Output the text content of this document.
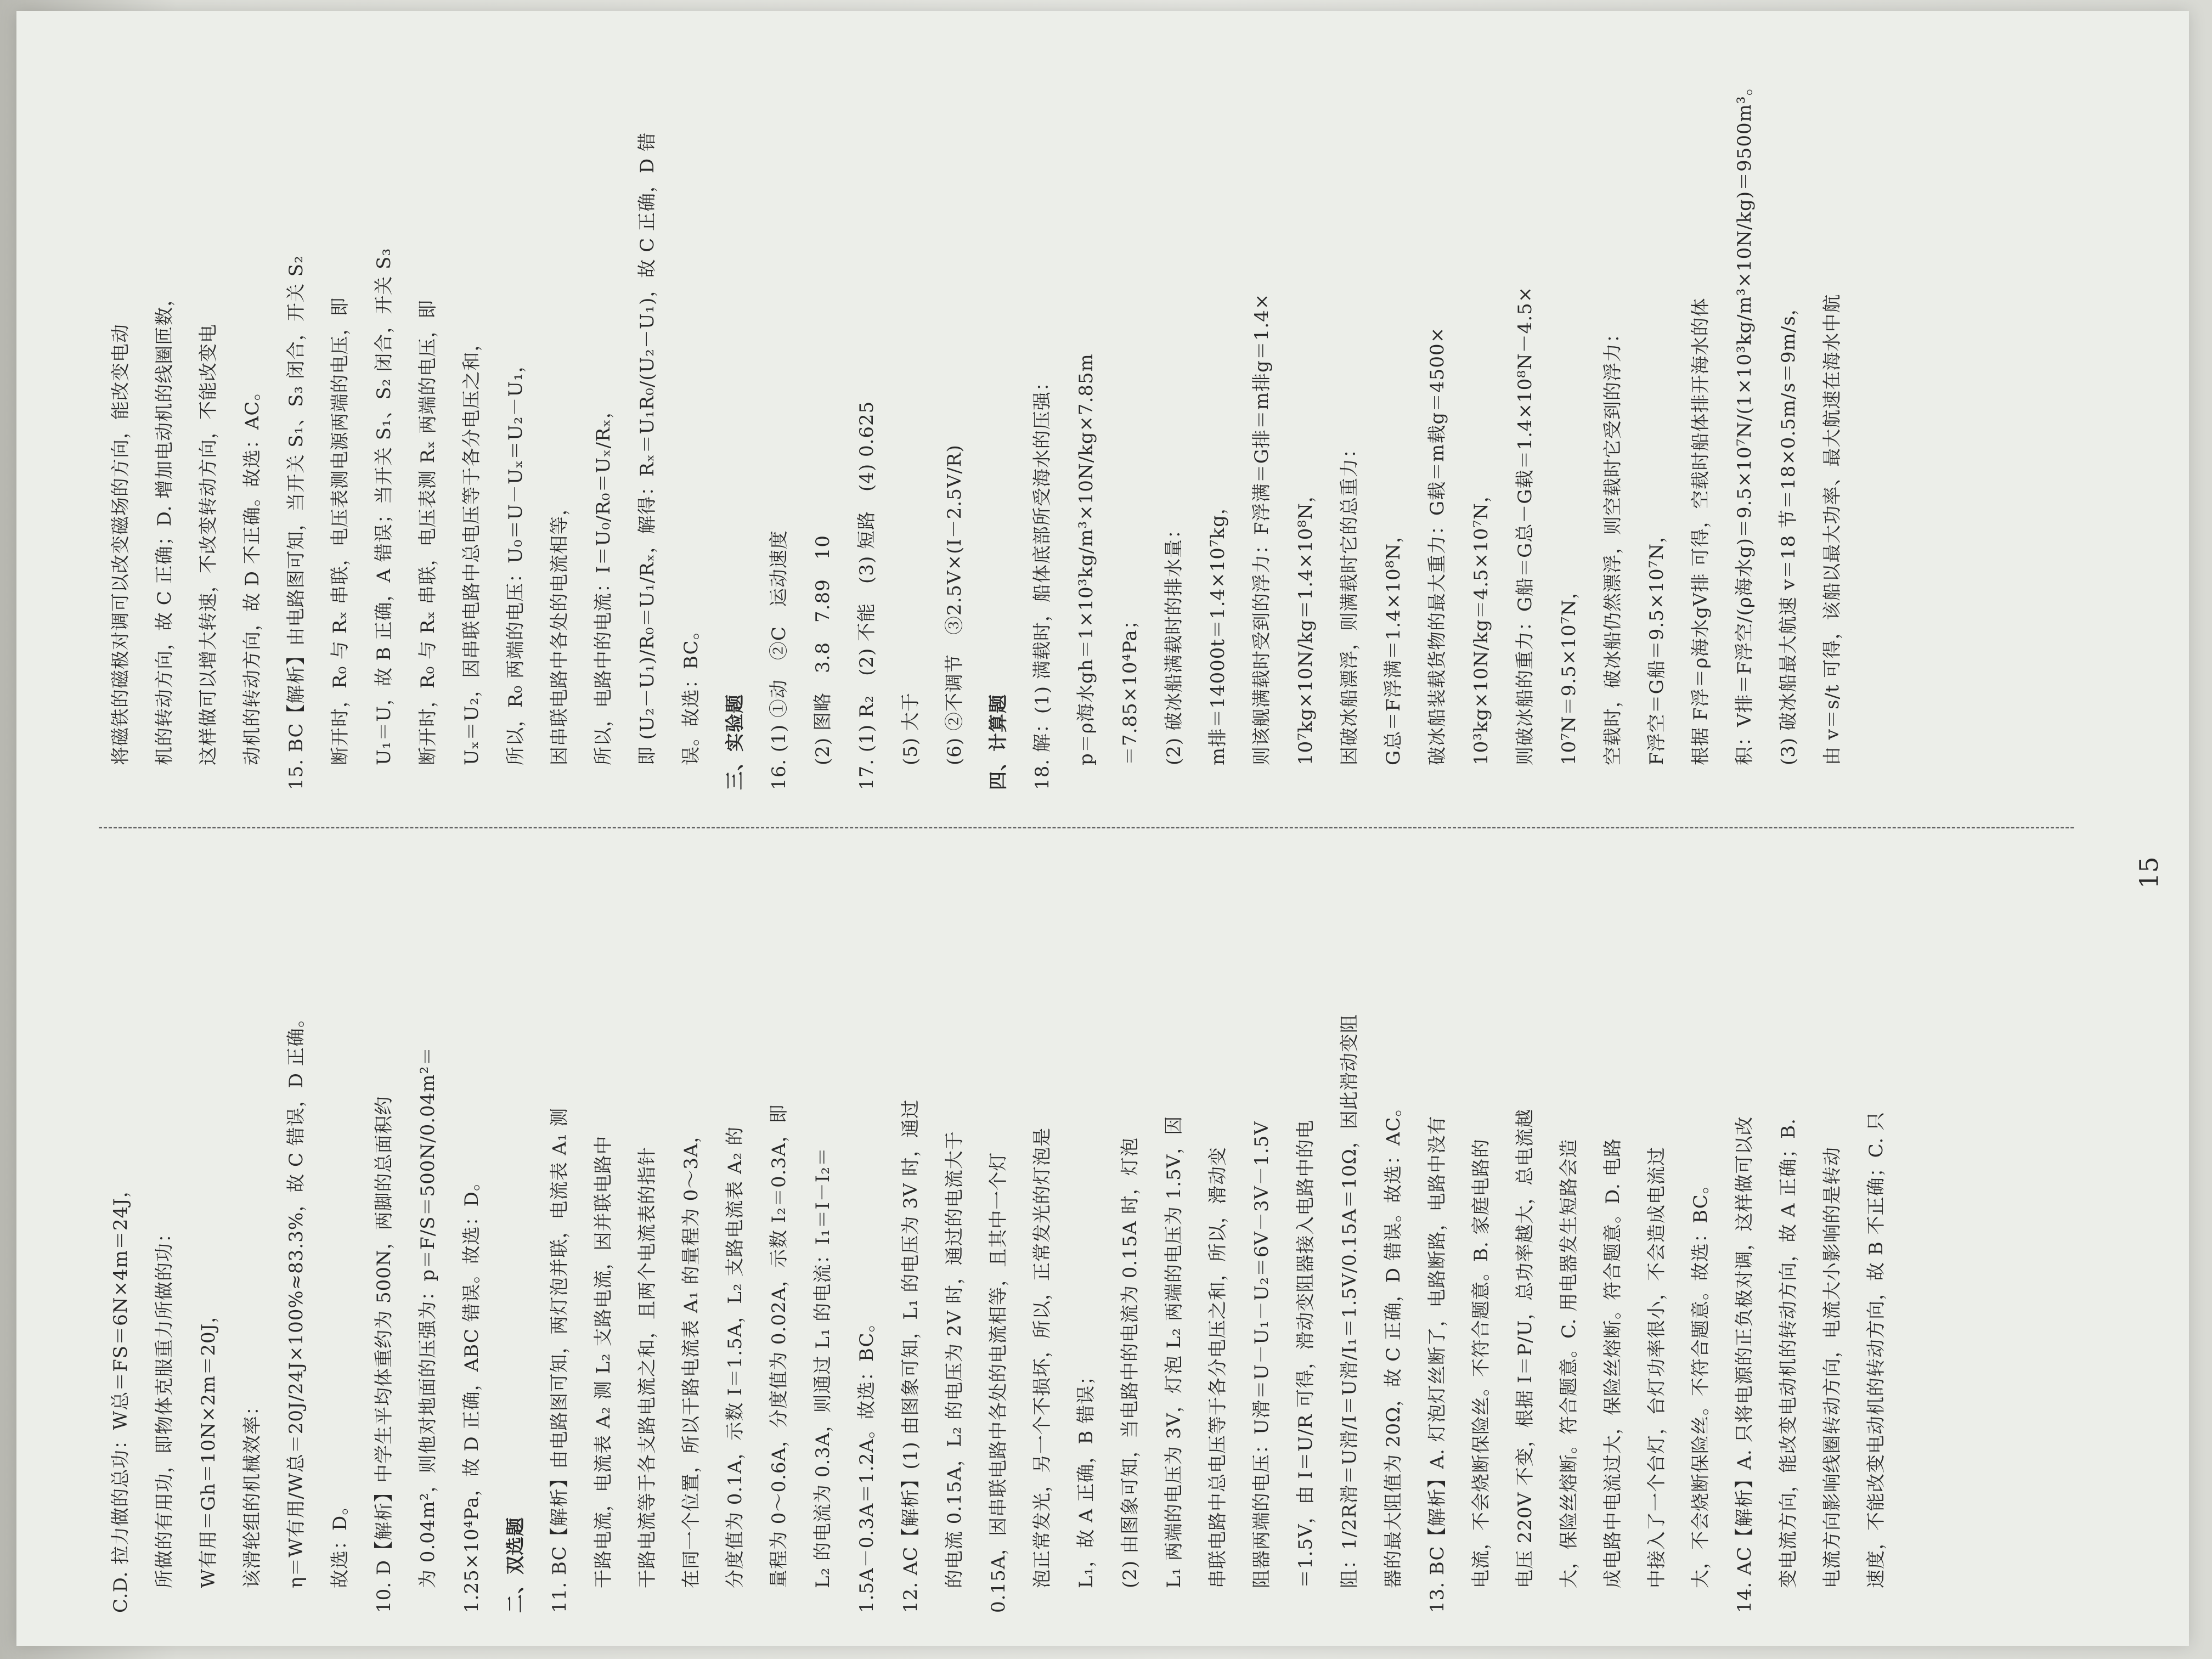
C.D. 拉力做的总功：W总＝FS＝6N×4m＝24J，	所做的有用功，即物体克服重力所做的功：	W有用＝Gh＝10N×2m＝20J，	该滑轮组的机械效率：	η＝W有用/W总＝20J/24J×100%≈83.3%，故 C 错误，D 正确。	故选：D。	10. D【解析】中学生平均体重约为 500N，两脚的总面积约	为 0.04m²，则他对地面的压强为：p＝F/S＝500N/0.04m²＝	1.25×10⁴Pa，故 D 正确，ABC 错误。故选：D。	二、双选题	11. BC【解析】由电路图可知，两灯泡并联，电流表 A₁ 测	干路电流，电流表 A₂ 测 L₂ 支路电流，因并联电路中	干路电流等于各支路电流之和，且两个电流表的指针	在同一个位置，所以干路电流表 A₁ 的量程为 0～3A，	分度值为 0.1A，示数 I＝1.5A，L₂ 支路电流表 A₂ 的	量程为 0～0.6A，分度值为 0.02A，示数 I₂＝0.3A，即	L₂ 的电流为 0.3A，则通过 L₁ 的电流：I₁＝I－I₂＝	1.5A－0.3A＝1.2A。故选：BC。	12. AC【解析】(1) 由图象可知，L₁ 的电压为 3V 时，通过	的电流 0.15A，L₂ 的电压为 2V 时，通过的电流大于	0.15A，因串联电路中各处的电流相等，且其中一个灯	泡正常发光，另一个不损坏，所以，正常发光的灯泡是	L₁，故 A 正确，B 错误；	(2) 由图象可知，当电路中的电流为 0.15A 时，灯泡	L₁ 两端的电压为 3V，灯泡 L₂ 两端的电压为 1.5V，因	串联电路中总电压等于各分电压之和，所以，滑动变	阻器两端的电压：U滑＝U－U₁－U₂＝6V－3V－1.5V	＝1.5V，由 I＝U/R 可得，滑动变阻器接入电路中的电	阻：1/2R滑＝U滑/I＝U滑/I₁＝1.5V/0.15A＝10Ω，因此滑动变阻	器的最大阻值为 20Ω，故 C 正确，D 错误。故选：AC。	13. BC【解析】A. 灯泡灯丝断了，电路断路，电路中没有	电流，不会烧断保险丝。不符合题意。B. 家庭电路的	电压 220V 不变，根据 I＝P/U，总功率越大，总电流越	大，保险丝熔断。符合题意。C. 用电器发生短路会造	成电路中电流过大，保险丝熔断。符合题意。D. 电路	中接入了一个台灯，台灯功率很小，不会造成电流过	大，不会烧断保险丝。不符合题意。故选：BC。	14. AC【解析】A. 只将电源的正负极对调，这样做可以改	变电流方向，能改变电动机的转动方向，故 A 正确；B.	电流方向影响线圈转动方向，电流大小影响的是转动	速度，不能改变电动机的转动方向，故 B 不正确；C. 只
将磁铁的磁极对调可以改变磁场的方向，能改变电动	机的转动方向，故 C 正确；D. 增加电动机的线圈匝数，	这样做可以增大转速，不改变转动方向，不能改变电	动机的转动方向，故 D 不正确。故选：AC。	15. BC【解析】由电路图可知，当开关 S₁、S₃ 闭合，开关 S₂	断开时，R₀ 与 Rₓ 串联，电压表测电源两端的电压，即	U₁＝U，故 B 正确，A 错误；当开关 S₁、S₂ 闭合，开关 S₃	断开时，R₀ 与 Rₓ 串联，电压表测 Rₓ 两端的电压，即	Uₓ＝U₂，因串联电路中总电压等于各分电压之和，	所以，R₀ 两端的电压：U₀＝U－Uₓ＝U₂－U₁，	因串联电路中各处的电流相等，	所以，电路中的电流：I＝U₀/R₀＝Uₓ/Rₓ，	即 (U₂－U₁)/R₀＝U₁/Rₓ，解得：Rₓ＝U₁R₀/(U₂－U₁)，故 C 正确，D 错	误。故选：BC。	三、实验题	16. (1) ①动　②C　运动速度	(2) 图略　3.8　7.89　10	17. (1) R₂　(2) 不能　(3) 短路　(4) 0.625	(5) 大于	(6) ②不调节　③2.5V×(I－2.5V/R)	四、计算题	18. 解：(1) 满载时，船体底部所受海水的压强：	p＝ρ海水gh＝1×10³kg/m³×10N/kg×7.85m	＝7.85×10⁴Pa；	(2) 破冰船满载时的排水量：	m排＝14000t＝1.4×10⁷kg，	则该舰满载时受到的浮力：F浮满＝G排＝m排g＝1.4×	10⁷kg×10N/kg＝1.4×10⁸N，	因破冰船漂浮，则满载时它的总重力：	G总＝F浮满＝1.4×10⁸N，	破冰船装载货物的最大重力：G载＝m载g＝4500×	10³kg×10N/kg＝4.5×10⁷N，	则破冰船的重力：G船＝G总－G载＝1.4×10⁸N－4.5×	10⁷N＝9.5×10⁷N，	空载时，破冰船仍然漂浮，则空载时它受到的浮力：	F浮空＝G船＝9.5×10⁷N，	根据 F浮＝ρ海水gV排 可得，空载时船体排开海水的体	积：V排＝F浮空/(ρ海水g)＝9.5×10⁷N/(1×10³kg/m³×10N/kg)＝9500m³。	(3) 破冰船最大航速 v＝18 节＝18×0.5m/s＝9m/s，	由 v＝s/t 可得，该船以最大功率、最大航速在海水中航
15
